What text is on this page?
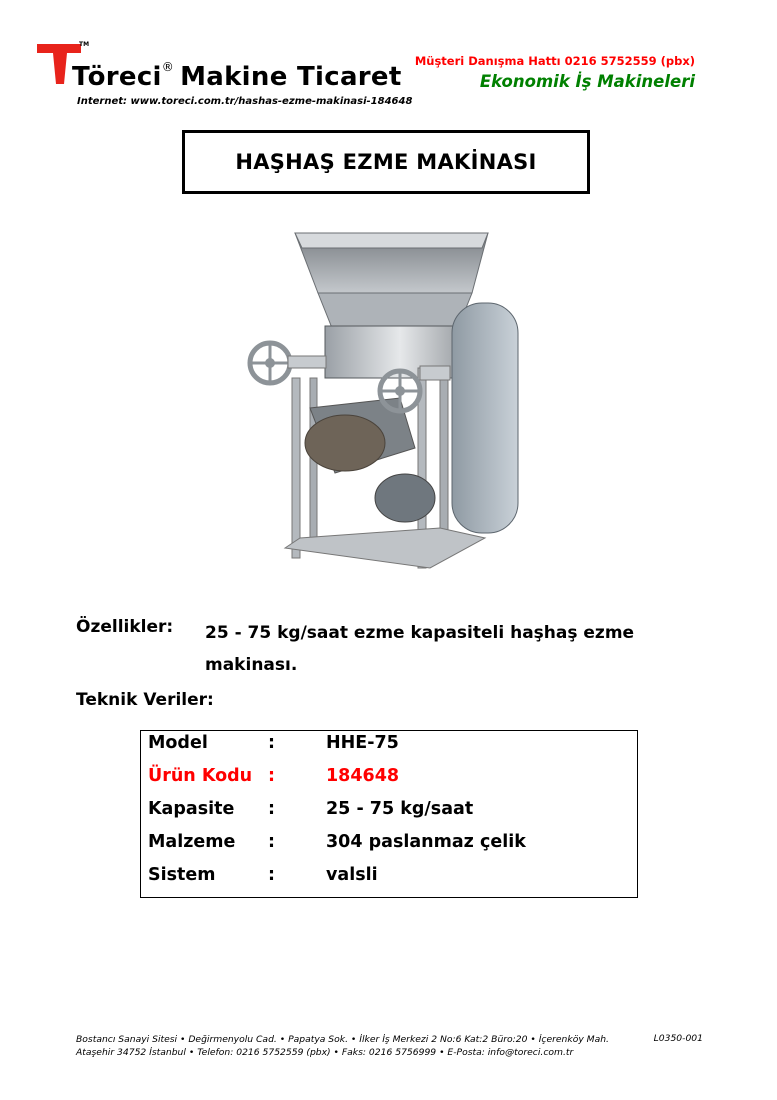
TM
Töreci® Makine Ticaret
Internet: www.toreci.com.tr/hashas-ezme-makinasi-184648
Müşteri Danışma Hattı 0216 5752559 (pbx)
Ekonomik İş Makineleri
HAŞHAŞ EZME MAKİNASI
Özellikler: 25 - 75 kg/saat ezme kapasiteli haşhaş ezme makinası.
Teknik Veriler:
Model	:	HHE-75
Ürün Kodu :	184648
Kapasite :	25 - 75 kg/saat
Malzeme :	304 paslanmaz çelik
Sistem	:	valsli
Bostancı Sanayi Sitesi • Değirmenyolu Cad. • Papatya Sok. • İlker İş Merkezi 2 No:6 Kat:2 Büro:20 • İçerenköy Mah.
Ataşehir 34752 İstanbul • Telefon: 0216 5752559 (pbx) • Faks: 0216 5756999 • E-Posta: info@toreci.com.tr
L0350-001
